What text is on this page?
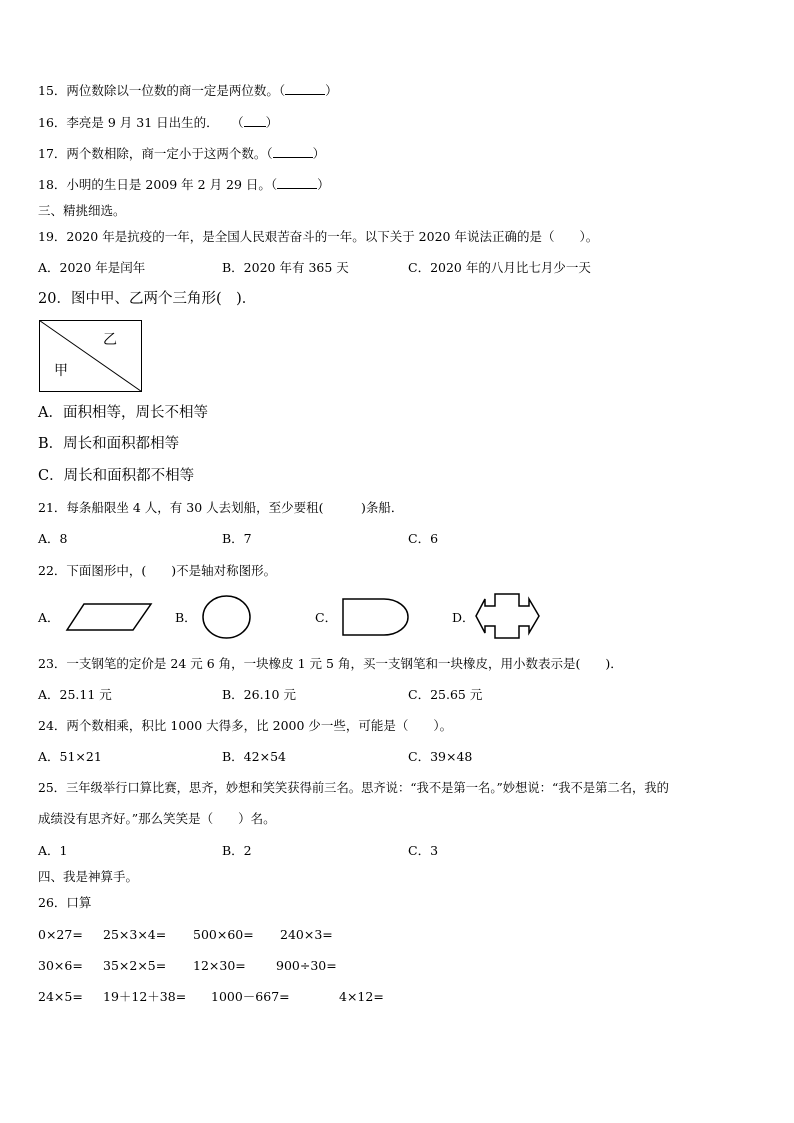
15．两位数除以一位数的商一定是两位数。（	）
16．李亮是 9 月 31 日出生的．　　（ ）
17．两个数相除，商一定小于这两个数。（	）
18．小明的生日是 2009 年 2 月 29 日。（	）
三、精挑细选。
19．2020 年是抗疫的一年，是全国人民艰苦奋斗的一年。以下关于 2020 年说法正确的是（　　）。
A．2020 年是闰年	B．2020 年有 365 天	C．2020 年的八月比七月少一天
20．图中甲、乙两个三角形(　)．
乙
甲
A．面积相等，周长不相等
B．周长和面积都相等
C．周长和面积都不相等
21．每条船限坐 4 人，有 30 人去划船，至少要租(　　　)条船．
A．8	B．7	C．6
22．下面图形中，(　　)不是轴对称图形。
A．	B．	C．	D．
23．一支钢笔的定价是 24 元 6 角，一块橡皮 1 元 5 角，买一支钢笔和一块橡皮，用小数表示是(　　)．
A．25.11 元	B．26.10 元	C．25.65 元
24．两个数相乘，积比 1000 大得多，比 2000 少一些，可能是（　　）。
A．51×21	B．42×54	C．39×48
25．三年级举行口算比赛，思齐，妙想和笑笑获得前三名。思齐说：“我不是第一名。”妙想说：“我不是第二名，我的
成绩没有思齐好。”那么笑笑是（　　）名。
A．1	B．2	C．3
四、我是神算手。
26．口算
0×27= 25×3×4= 500×60= 240×3=
30×6= 35×2×5= 12×30= 900÷30=
24×5= 19＋12＋38= 1000－667=	4×12=
